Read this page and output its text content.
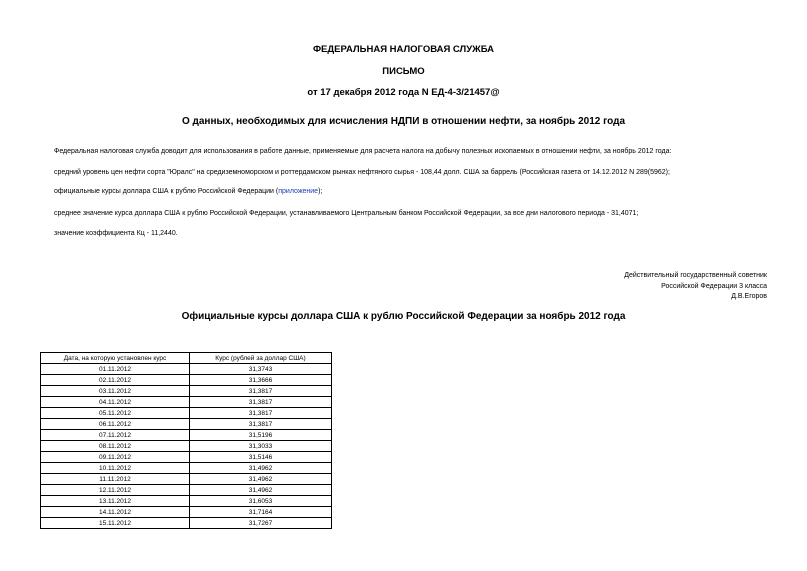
ФЕДЕРАЛЬНАЯ НАЛОГОВАЯ СЛУЖБА
ПИСЬМО
от 17 декабря 2012 года N ЕД-4-3/21457@
О данных, необходимых для исчисления НДПИ в отношении нефти, за ноябрь 2012 года
Федеральная налоговая служба доводит для использования в работе данные, применяемые для расчета налога на добычу полезных ископаемых в отношении нефти, за ноябрь 2012 года:
средний уровень цен нефти сорта "Юралс" на средиземноморском и роттердамском рынках нефтяного сырья - 108,44 долл. США за баррель (Российская газета от 14.12.2012 N 289(5962);
официальные курсы доллара США к рублю Российской Федерации (приложение);
среднее значение курса доллара США к рублю Российской Федерации, устанавливаемого Центральным банком Российской Федерации, за все дни налогового периода - 31,4071;
значение коэффициента Кц - 11,2440.
Действительный государственный советник
Российской Федерации 3 класса
Д.В.Егоров
Официальные курсы доллара США к рублю Российской Федерации за ноябрь 2012 года
Дата, на которую установлен курс	Курс (рублей за доллар США)
01.11.2012	31,3743
02.11.2012	31,3666
03.11.2012	31,3817
04.11.2012	31,3817
05.11.2012	31,3817
06.11.2012	31,3817
07.11.2012	31,5196
08.11.2012	31,3033
09.11.2012	31,5146
10.11.2012	31,4962
11.11.2012	31,4962
12.11.2012	31,4962
13.11.2012	31,6053
14.11.2012	31,7164
15.11.2012	31,7267
